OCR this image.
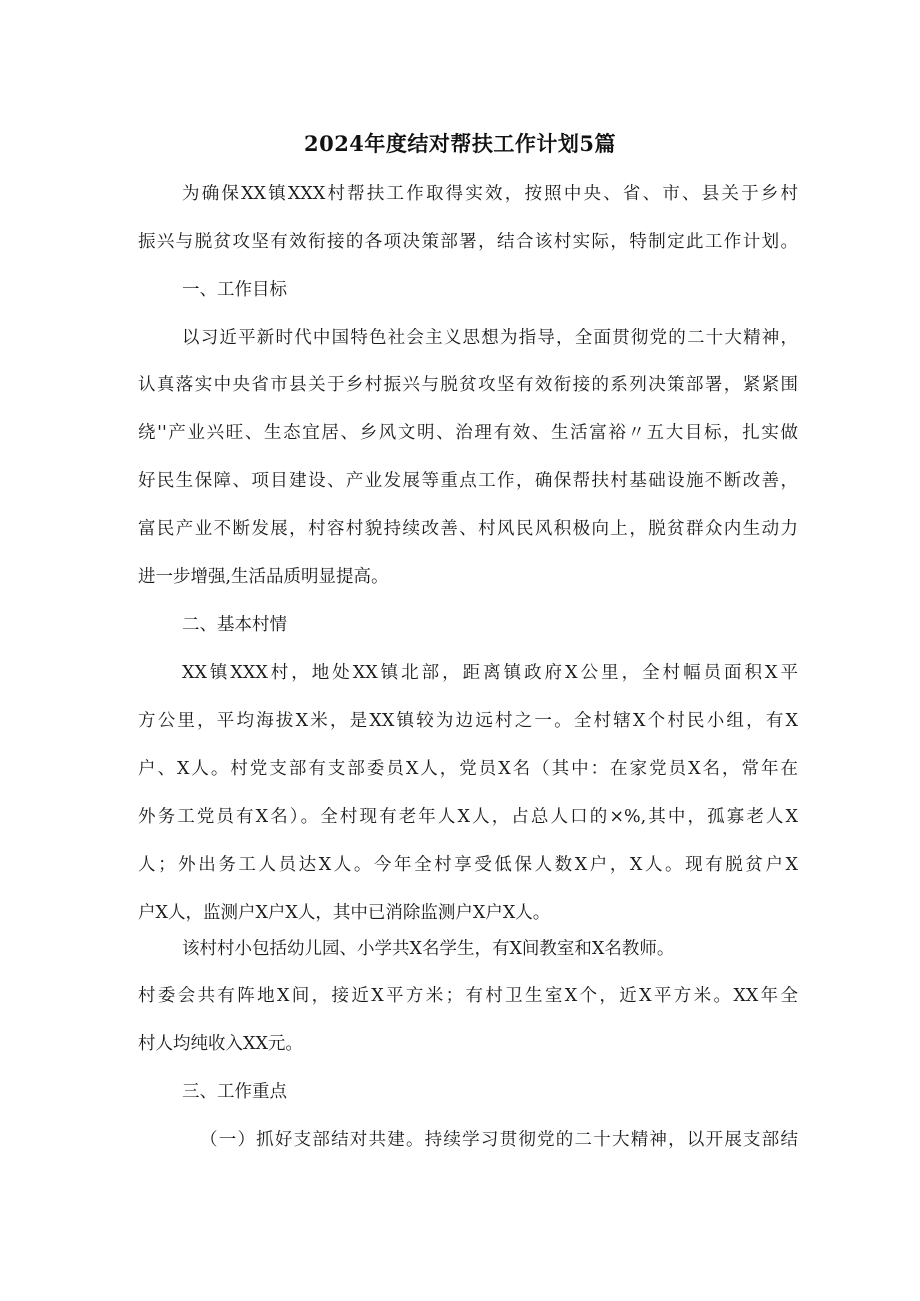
2024年度结对帮扶工作计划5篇
为确保XX镇XXX村帮扶工作取得实效，按照中央、省、市、县关于乡村
振兴与脱贫攻坚有效衔接的各项决策部署，结合该村实际，特制定此工作计划。
一、工作目标
以习近平新时代中国特色社会主义思想为指导，全面贯彻党的二十大精神，
认真落实中央省市县关于乡村振兴与脱贫攻坚有效衔接的系列决策部署，紧紧围
绕''产业兴旺、生态宜居、乡风文明、治理有效、生活富裕〃五大目标，扎实做
好民生保障、项目建设、产业发展等重点工作，确保帮扶村基础设施不断改善，
富民产业不断发展，村容村貌持续改善、村风民风积极向上，脱贫群众内生动力
进一步增强,生活品质明显提高。
二、基本村情
XX镇XXX村，地处XX镇北部，距离镇政府X公里，全村幅员面积X平
方公里，平均海拔X米，是XX镇较为边远村之一。全村辖X个村民小组，有X
户、X人。村党支部有支部委员X人，党员X名（其中：在家党员X名，常年在
外务工党员有X名）。全村现有老年人X人，占总人口的×%,其中，孤寡老人X
人；外出务工人员达X人。今年全村享受低保人数X户，X人。现有脱贫户X
户X人，监测户X户X人，其中已消除监测户X户X人。
该村村小包括幼儿园、小学共X名学生，有X间教室和X名教师。
村委会共有阵地X间，接近X平方米；有村卫生室X个，近X平方米。XX年全
村人均纯收入XX元。
三、工作重点
（一）抓好支部结对共建。持续学习贯彻党的二十大精神，以开展支部结
